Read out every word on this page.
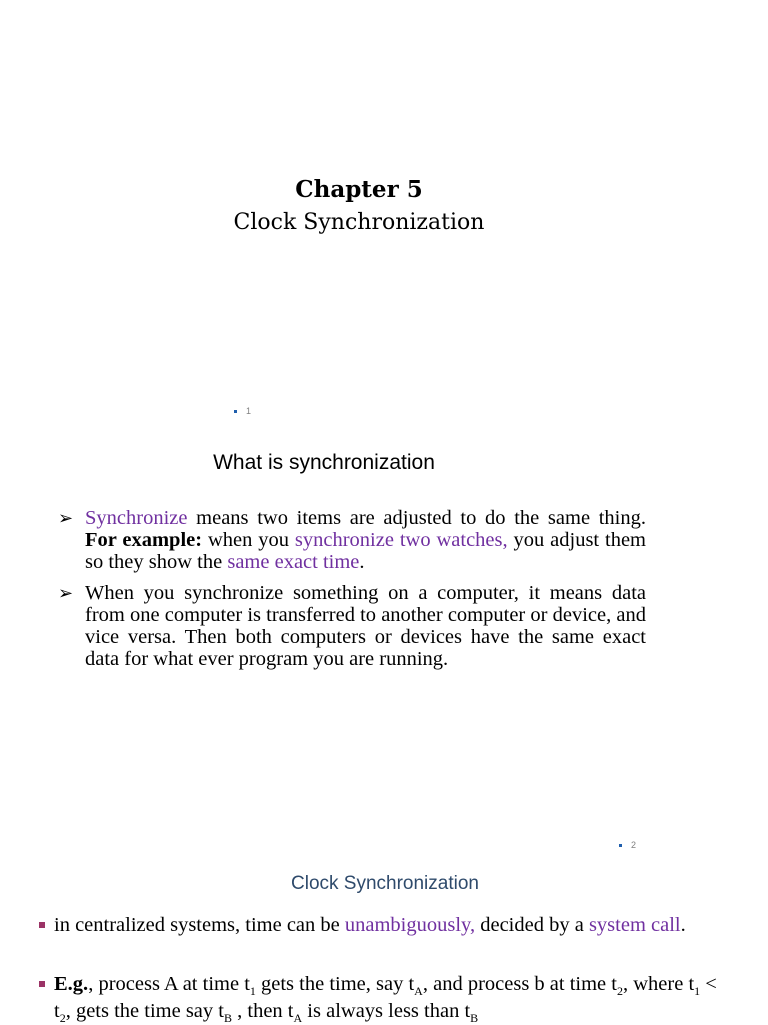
Chapter 5
Clock Synchronization
1
What is synchronization
➢ Synchronize means two items are adjusted to do the same thing. For example: when you synchronize two watches, you adjust them so they show the same exact time.
➢ When you synchronize something on a computer, it means data from one computer is transferred to another computer or device, and vice versa. Then both computers or devices have the same exact data for what ever program you are running.
2
Clock Synchronization
in centralized systems, time can be unambiguously, decided by a system call.
E.g., process A at time $t_1$ gets the time, say $t_A$, and process b at time $t_2$, where $t_1 < t_2$, gets the time say $t_B$ , then $t_A$ is always less than $t_B$
